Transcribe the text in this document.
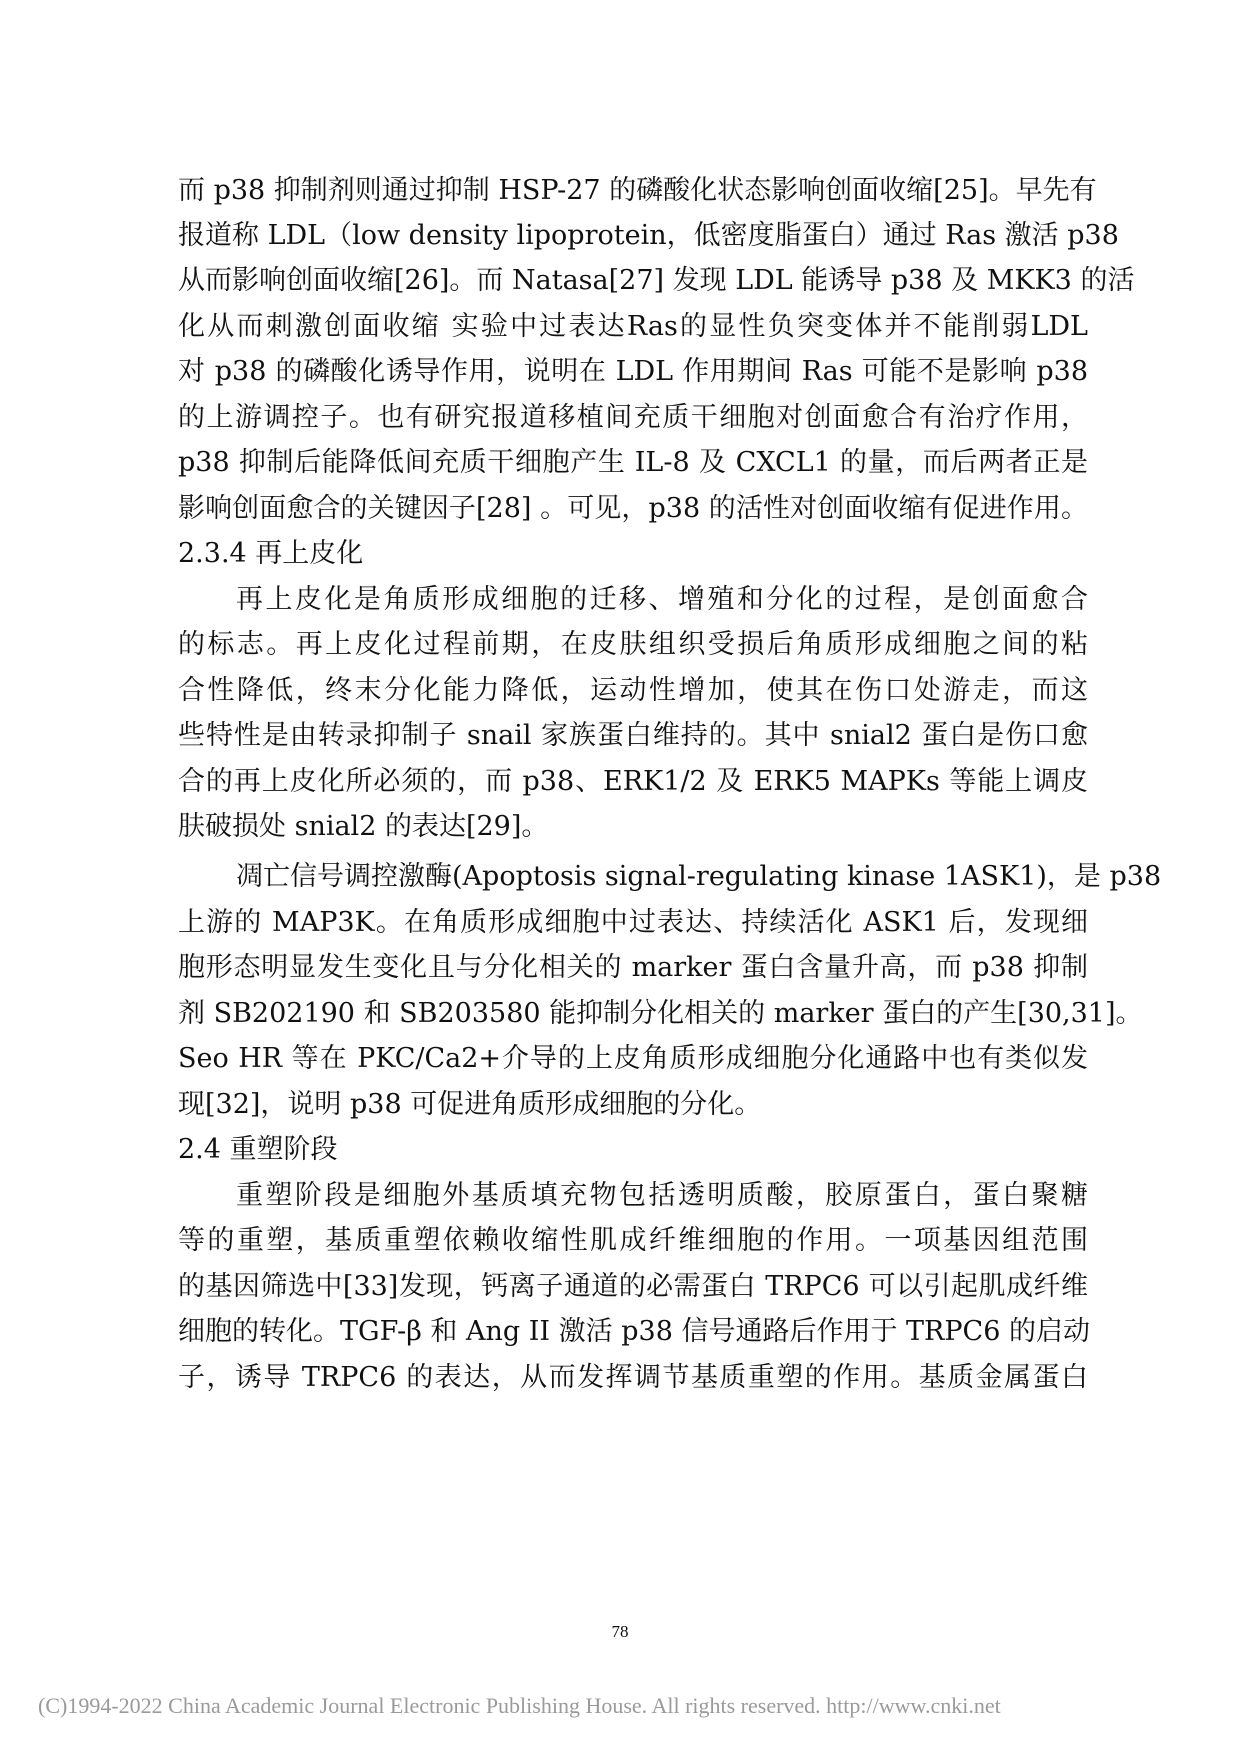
而 p38 抑制剂则通过抑制 HSP-27 的磷酸化状态影响创面收缩[25]。早先有
报道称 LDL（low density lipoprotein，低密度脂蛋白）通过 Ras 激活 p38
从而影响创面收缩[26]。而 Natasa[27] 发现 LDL 能诱导 p38 及 MKK3 的活
化从而刺激创面收缩 实验中过表达Ras的显性负突变体并不能削弱LDL
对 p38 的磷酸化诱导作用，说明在 LDL 作用期间 Ras 可能不是影响 p38
的上游调控子。也有研究报道移植间充质干细胞对创面愈合有治疗作用，
p38 抑制后能降低间充质干细胞产生 IL-8 及 CXCL1 的量，而后两者正是
影响创面愈合的关键因子[28] 。可见，p38 的活性对创面收缩有促进作用。
2.3.4 再上皮化
再上皮化是角质形成细胞的迁移、增殖和分化的过程，是创面愈合
的标志。再上皮化过程前期，在皮肤组织受损后角质形成细胞之间的粘
合性降低，终末分化能力降低，运动性增加，使其在伤口处游走，而这
些特性是由转录抑制子 snail 家族蛋白维持的。其中 snial2 蛋白是伤口愈
合的再上皮化所必须的，而 p38、ERK1/2 及 ERK5 MAPKs 等能上调皮
肤破损处 snial2 的表达[29]。
凋亡信号调控激酶(Apoptosis signal-regulating kinase 1ASK1)，是 p38
上游的 MAP3K。在角质形成细胞中过表达、持续活化 ASK1 后，发现细
胞形态明显发生变化且与分化相关的 marker 蛋白含量升高，而 p38 抑制
剂 SB202190 和 SB203580 能抑制分化相关的 marker 蛋白的产生[30,31]。
Seo HR 等在 PKC/Ca2+介导的上皮角质形成细胞分化通路中也有类似发
现[32]，说明 p38 可促进角质形成细胞的分化。
2.4 重塑阶段
重塑阶段是细胞外基质填充物包括透明质酸，胶原蛋白，蛋白聚糖
等的重塑，基质重塑依赖收缩性肌成纤维细胞的作用。一项基因组范围
的基因筛选中[33]发现，钙离子通道的必需蛋白 TRPC6 可以引起肌成纤维
细胞的转化。TGF-β 和 Ang II 激活 p38 信号通路后作用于 TRPC6 的启动
子，诱导 TRPC6 的表达，从而发挥调节基质重塑的作用。基质金属蛋白
78
(C)1994-2022 China Academic Journal Electronic Publishing House. All rights reserved. http://www.cnki.net
